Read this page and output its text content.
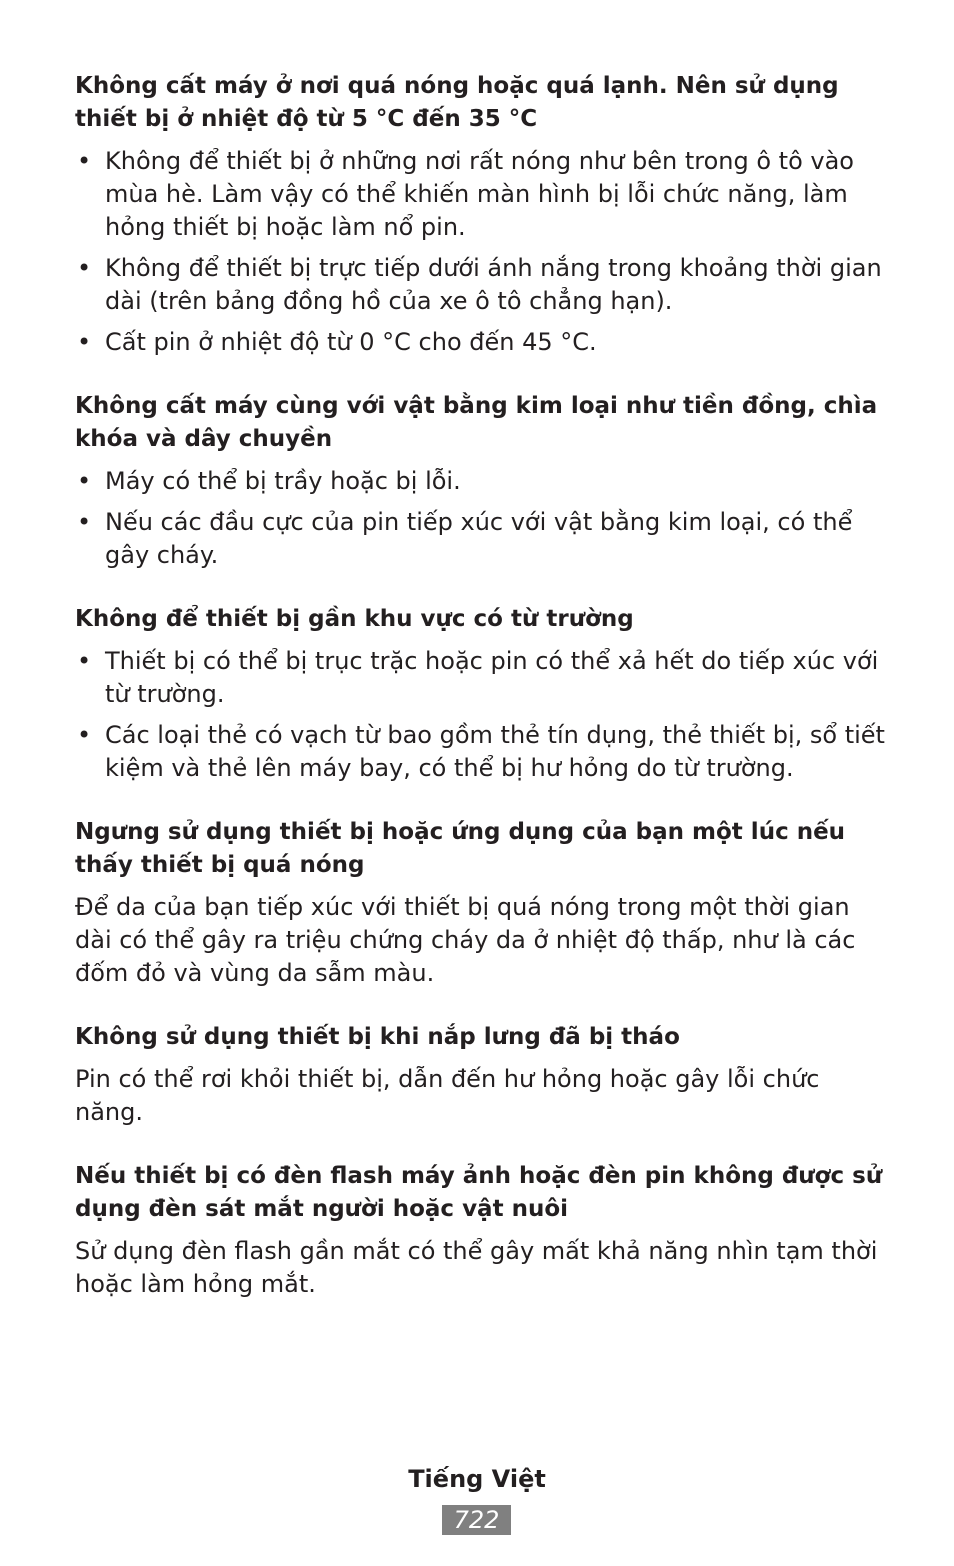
Không cất máy ở nơi quá nóng hoặc quá lạnh. Nên sử dụng thiết bị ở nhiệt độ từ 5 °C đến 35 °C

• Không để thiết bị ở những nơi rất nóng như bên trong ô tô vào mùa hè. Làm vậy có thể khiến màn hình bị lỗi chức năng, làm hỏng thiết bị hoặc làm nổ pin.
• Không để thiết bị trực tiếp dưới ánh nắng trong khoảng thời gian dài (trên bảng đồng hồ của xe ô tô chẳng hạn).
• Cất pin ở nhiệt độ từ 0 °C cho đến 45 °C.

Không cất máy cùng với vật bằng kim loại như tiền đồng, chìa khóa và dây chuyền

• Máy có thể bị trầy hoặc bị lỗi.
• Nếu các đầu cực của pin tiếp xúc với vật bằng kim loại, có thể gây cháy.

Không để thiết bị gần khu vực có từ trường

• Thiết bị có thể bị trục trặc hoặc pin có thể xả hết do tiếp xúc với từ trường.
• Các loại thẻ có vạch từ bao gồm thẻ tín dụng, thẻ thiết bị, sổ tiết kiệm và thẻ lên máy bay, có thể bị hư hỏng do từ trường.

Ngưng sử dụng thiết bị hoặc ứng dụng của bạn một lúc nếu thấy thiết bị quá nóng

Để da của bạn tiếp xúc với thiết bị quá nóng trong một thời gian dài có thể gây ra triệu chứng cháy da ở nhiệt độ thấp, như là các đốm đỏ và vùng da sẫm màu.

Không sử dụng thiết bị khi nắp lưng đã bị tháo

Pin có thể rơi khỏi thiết bị, dẫn đến hư hỏng hoặc gây lỗi chức năng.

Nếu thiết bị có đèn flash máy ảnh hoặc đèn pin không được sử dụng đèn sát mắt người hoặc vật nuôi

Sử dụng đèn flash gần mắt có thể gây mất khả năng nhìn tạm thời hoặc làm hỏng mắt.

Tiếng Việt
722
